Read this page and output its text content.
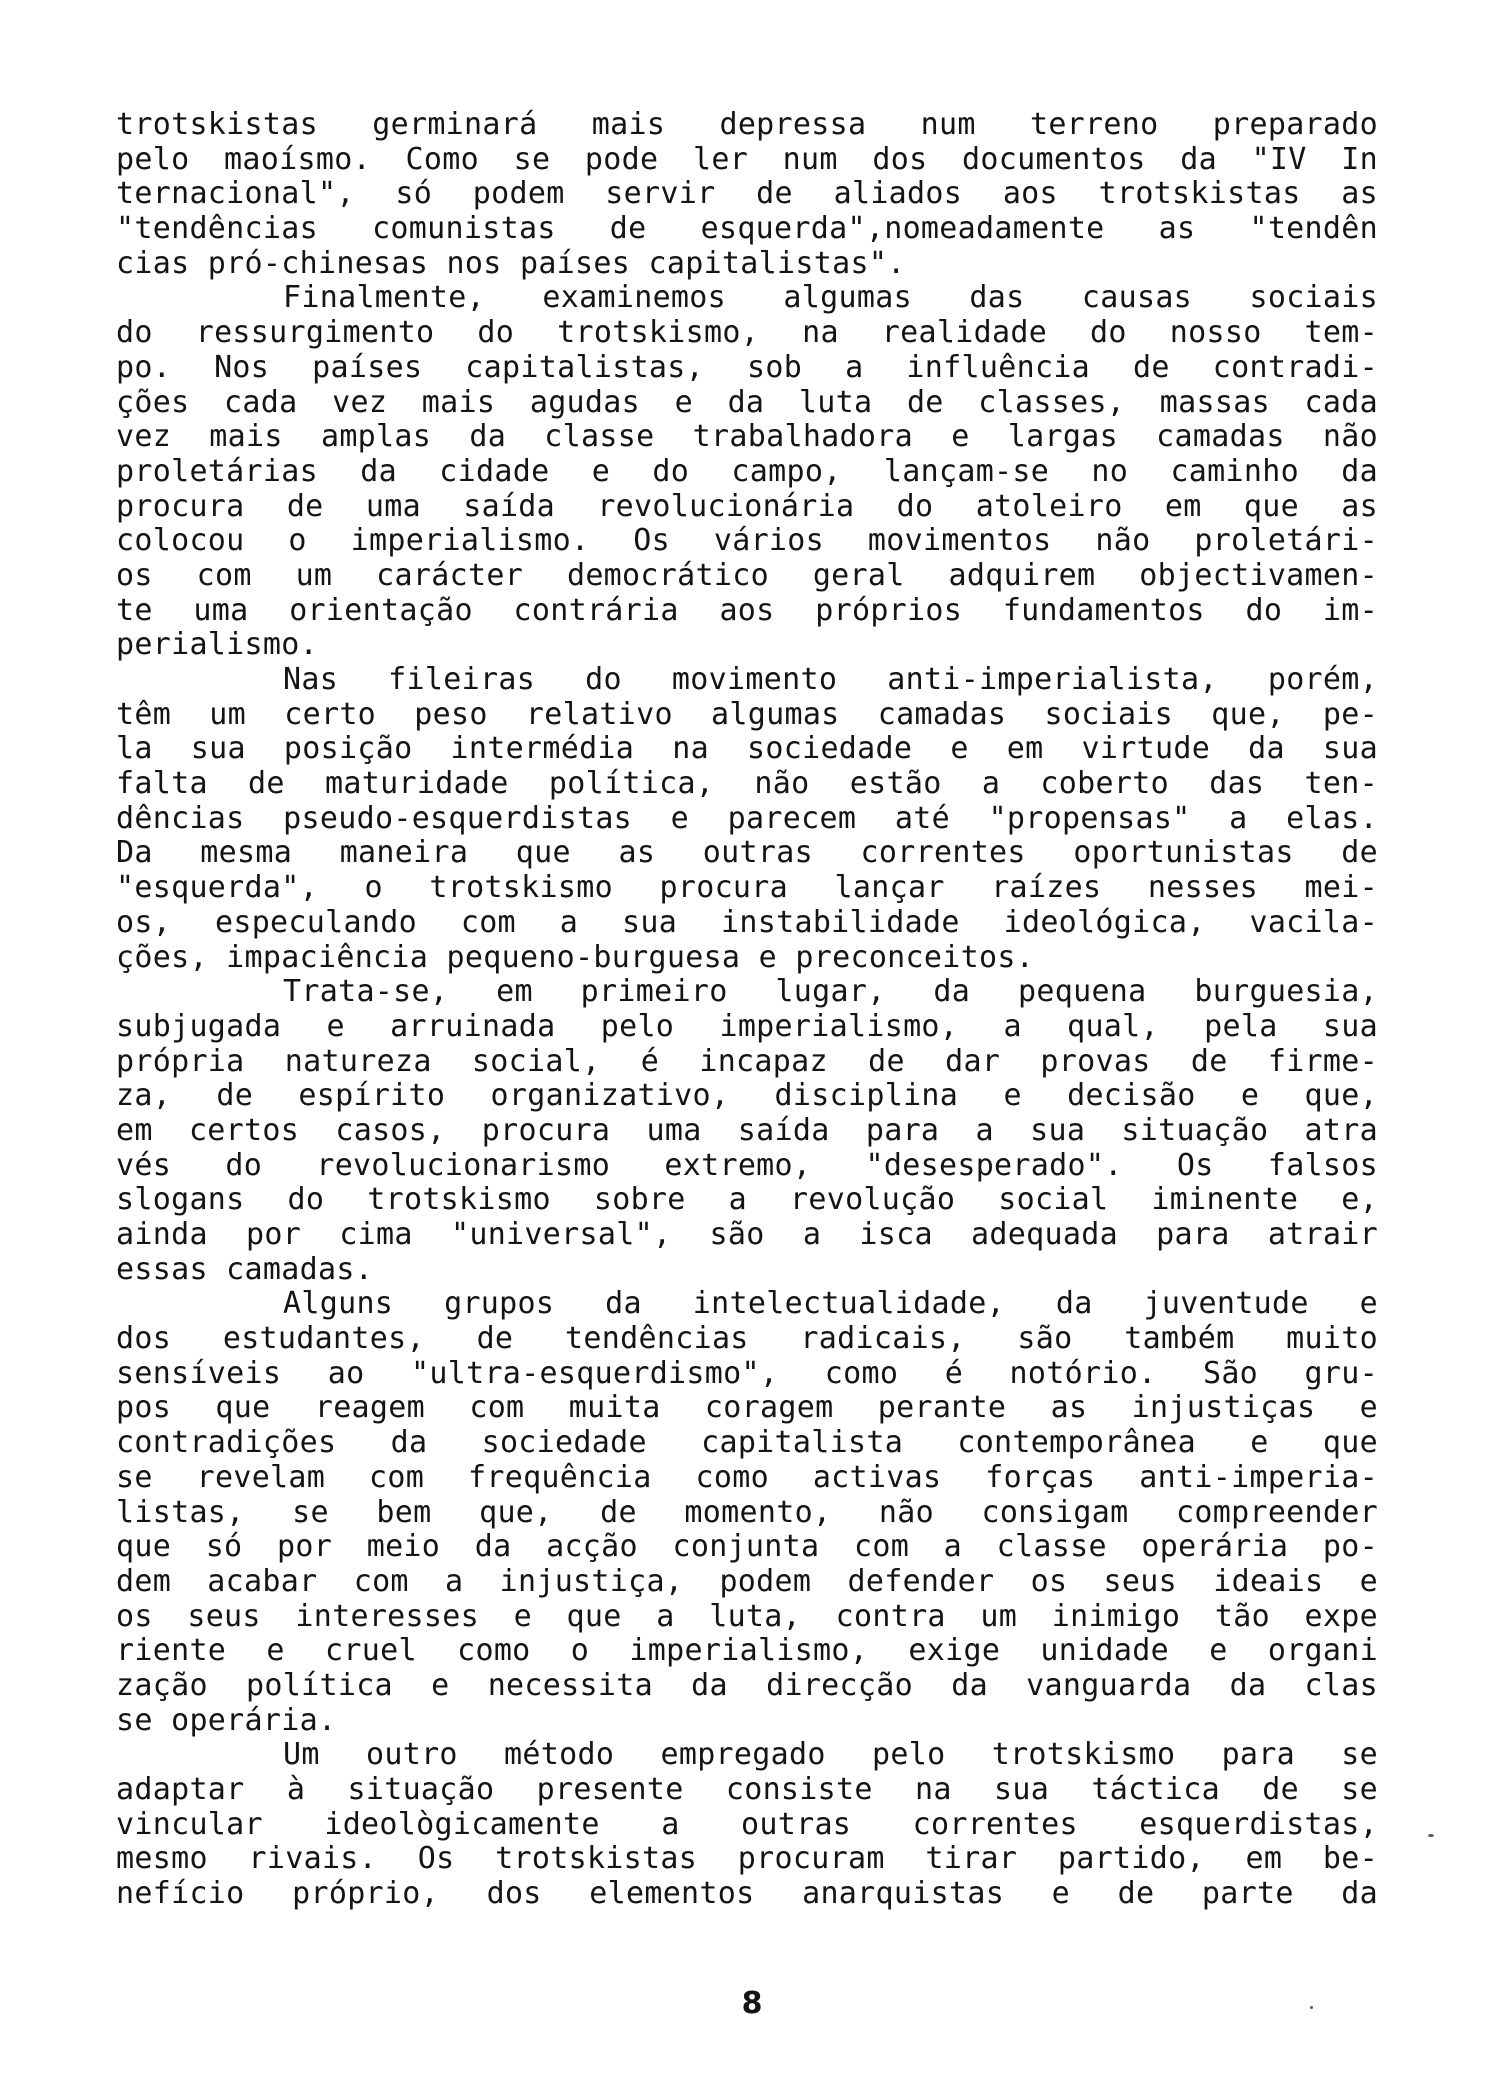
trotskistas germinará mais depressa num terreno preparado
pelo maoísmo. Como se pode ler num dos documentos da "IV In
ternacional", só podem servir de aliados aos trotskistas as
"tendências comunistas de esquerda",nomeadamente as "tendên
cias pró-chinesas nos países capitalistas".
Finalmente, examinemos algumas das causas sociais
do ressurgimento do trotskismo, na realidade do nosso tem-
po. Nos países capitalistas, sob a influência de contradi-
ções cada vez mais agudas e da luta de classes, massas cada
vez mais amplas da classe trabalhadora e largas camadas não
proletárias da cidade e do campo, lançam-se no caminho da
procura de uma saída revolucionária do atoleiro em que as
colocou o imperialismo. Os vários movimentos não proletári-
os com um carácter democrático geral adquirem objectivamen-
te uma orientação contrária aos próprios fundamentos do im-
perialismo.
Nas fileiras do movimento anti-imperialista, porém,
têm um certo peso relativo algumas camadas sociais que, pe-
la sua posição intermédia na sociedade e em virtude da sua
falta de maturidade política, não estão a coberto das ten-
dências pseudo-esquerdistas e parecem até "propensas" a elas.
Da mesma maneira que as outras correntes oportunistas de
"esquerda", o trotskismo procura lançar raízes nesses mei-
os, especulando com a sua instabilidade ideológica, vacila-
ções, impaciência pequeno-burguesa e preconceitos.
Trata-se, em primeiro lugar, da pequena burguesia,
subjugada e arruinada pelo imperialismo, a qual, pela sua
própria natureza social, é incapaz de dar provas de firme-
za, de espírito organizativo, disciplina e decisão e que,
em certos casos, procura uma saída para a sua situação atra
vés do revolucionarismo extremo, "desesperado". Os falsos
slogans do trotskismo sobre a revolução social iminente e,
ainda por cima "universal", são a isca adequada para atrair
essas camadas.
Alguns grupos da intelectualidade, da juventude e
dos estudantes, de tendências radicais, são também muito
sensíveis ao "ultra-esquerdismo", como é notório. São gru-
pos que reagem com muita coragem perante as injustiças e
contradições da sociedade capitalista contemporânea e que
se revelam com frequência como activas forças anti-imperia-
listas, se bem que, de momento, não consigam compreender
que só por meio da acção conjunta com a classe operária po-
dem acabar com a injustiça, podem defender os seus ideais e
os seus interesses e que a luta, contra um inimigo tão expe
riente e cruel como o imperialismo, exige unidade e organi
zação política e necessita da direcção da vanguarda da clas
se operária.
Um outro método empregado pelo trotskismo para se
adaptar à situação presente consiste na sua táctica de se
vincular ideològicamente a outras correntes esquerdistas,
mesmo rivais. Os trotskistas procuram tirar partido, em be-
nefício próprio, dos elementos anarquistas e de parte da
8
